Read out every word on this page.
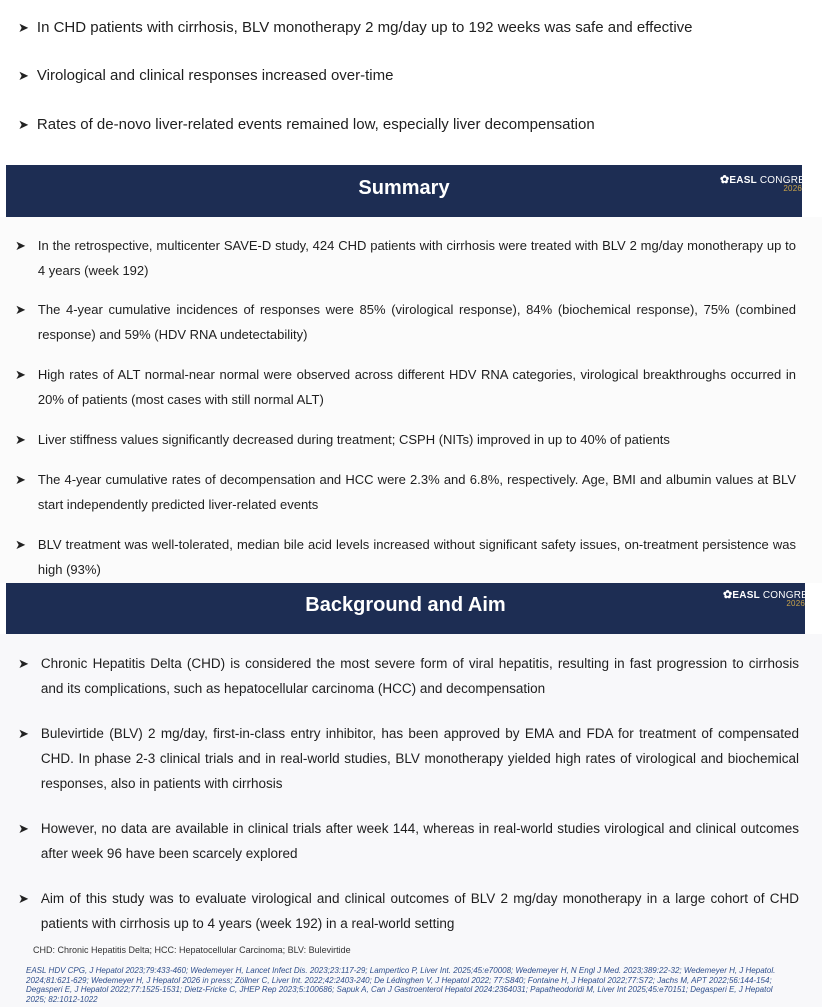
➤ In CHD patients with cirrhosis, BLV monotherapy 2 mg/day up to 192 weeks was safe and effective
➤ Virological and clinical responses increased over-time
➤ Rates of de-novo liver-related events remained low, especially liver decompensation
Summary	✿EASL CONGRESS
2026
➤ In the retrospective, multicenter SAVE-D study, 424 CHD patients with cirrhosis were treated with BLV 2 mg/day monotherapy up to 4 years (week 192)
➤ The 4-year cumulative incidences of responses were 85% (virological response), 84% (biochemical response), 75% (combined response) and 59% (HDV RNA undetectability)
➤ High rates of ALT normal-near normal were observed across different HDV RNA categories, virological breakthroughs occurred in 20% of patients (most cases with still normal ALT)
➤ Liver stiffness values significantly decreased during treatment; CSPH (NITs) improved in up to 40% of patients
➤ The 4-year cumulative rates of decompensation and HCC were 2.3% and 6.8%, respectively. Age, BMI and albumin values at BLV start independently predicted liver-related events
➤ BLV treatment was well-tolerated, median bile acid levels increased without significant safety issues, on-treatment persistence was high (93%)
Background and Aim	✿EASL CONGRESS
2026
➤ Chronic Hepatitis Delta (CHD) is considered the most severe form of viral hepatitis, resulting in fast progression to cirrhosis and its complications, such as hepatocellular carcinoma (HCC) and decompensation
➤ Bulevirtide (BLV) 2 mg/day, first-in-class entry inhibitor, has been approved by EMA and FDA for treatment of compensated CHD. In phase 2-3 clinical trials and in real-world studies, BLV monotherapy yielded high rates of virological and biochemical responses, also in patients with cirrhosis
➤ However, no data are available in clinical trials after week 144, whereas in real-world studies virological and clinical outcomes after week 96 have been scarcely explored
➤ Aim of this study was to evaluate virological and clinical outcomes of BLV 2 mg/day monotherapy in a large cohort of CHD patients with cirrhosis up to 4 years (week 192) in a real-world setting
CHD: Chronic Hepatitis Delta; HCC: Hepatocellular Carcinoma; BLV: Bulevirtide
EASL HDV CPG, J Hepatol 2023;79:433-460; Wedemeyer H, Lancet Infect Dis. 2023;23:117-29; Lampertico P, Liver Int. 2025;45:e70008; Wedemeyer H, N Engl J Med. 2023;389:22-32; Wedemeyer H, J Hepatol. 2024;81:621-629; Wedemeyer H, J Hepatol 2026 in press; Zöllner C, Liver Int. 2022;42:2403-240; De Lédinghen V, J Hepatol 2022; 77:S840; Fontaine H, J Hepatol 2022;77:S72; Jachs M, APT 2022;56:144-154; Degasperi E, J Hepatol 2022;77:1525-1531; Dietz-Fricke C, JHEP Rep 2023;5:100686; Sapuk A, Can J Gastroenterol Hepatol 2024:2364031; Papatheodoridi M, Liver Int 2025;45:e70151; Degasperi E, J Hepatol 2025; 82:1012-1022
